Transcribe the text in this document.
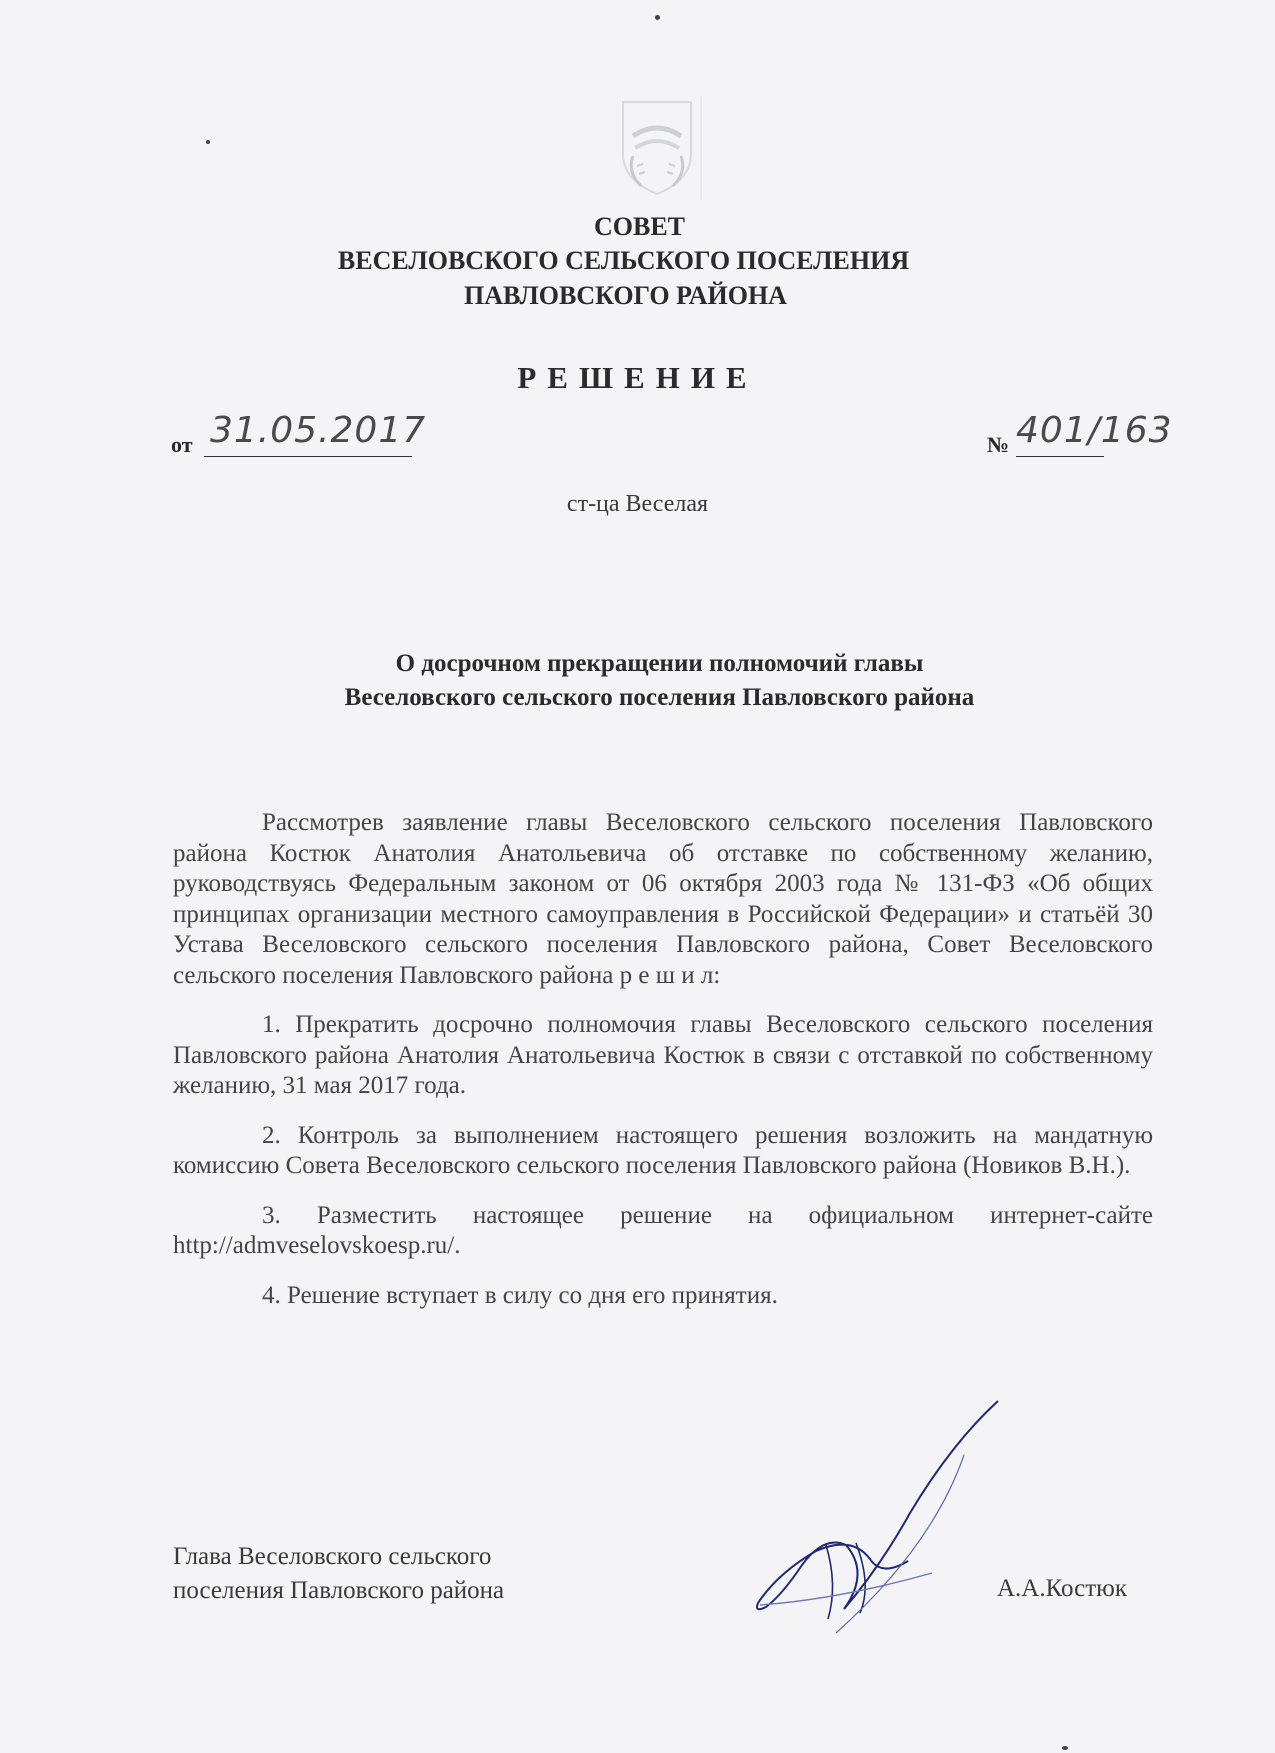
СОВЕТ
ВЕСЕЛОВСКОГО СЕЛЬСКОГО ПОСЕЛЕНИЯ
ПАВЛОВСКОГО РАЙОНА
РЕШЕНИЕ
от 31.05.2017	№ 401/163
ст-ца Веселая
О досрочном прекращении полномочий главы
Веселовского сельского поселения Павловского района

Рассмотрев заявление главы Веселовского сельского поселения Павловского района Костюк Анатолия Анатольевича об отставке по собственному желанию, руководствуясь Федеральным законом от 06 октября 2003 года № 131-ФЗ «Об общих принципах организации местного самоуправления в Российской Федерации» и статьёй 30 Устава Веселовского сельского поселения Павловского района, Совет Веселовского сельского поселения Павловского района р е ш и л:

1. Прекратить досрочно полномочия главы Веселовского сельского поселения Павловского района Анатолия Анатольевича Костюк в связи с отставкой по собственному желанию, 31 мая 2017 года.

2. Контроль за выполнением настоящего решения возложить на мандатную комиссию Совета Веселовского сельского поселения Павловского района (Новиков В.Н.).

3. Разместить настоящее решение на официальном интернет-сайте http://admveselovskoesp.ru/.

4. Решение вступает в силу со дня его принятия.

Глава Веселовского сельского
поселения Павловского района	А.А.Костюк
